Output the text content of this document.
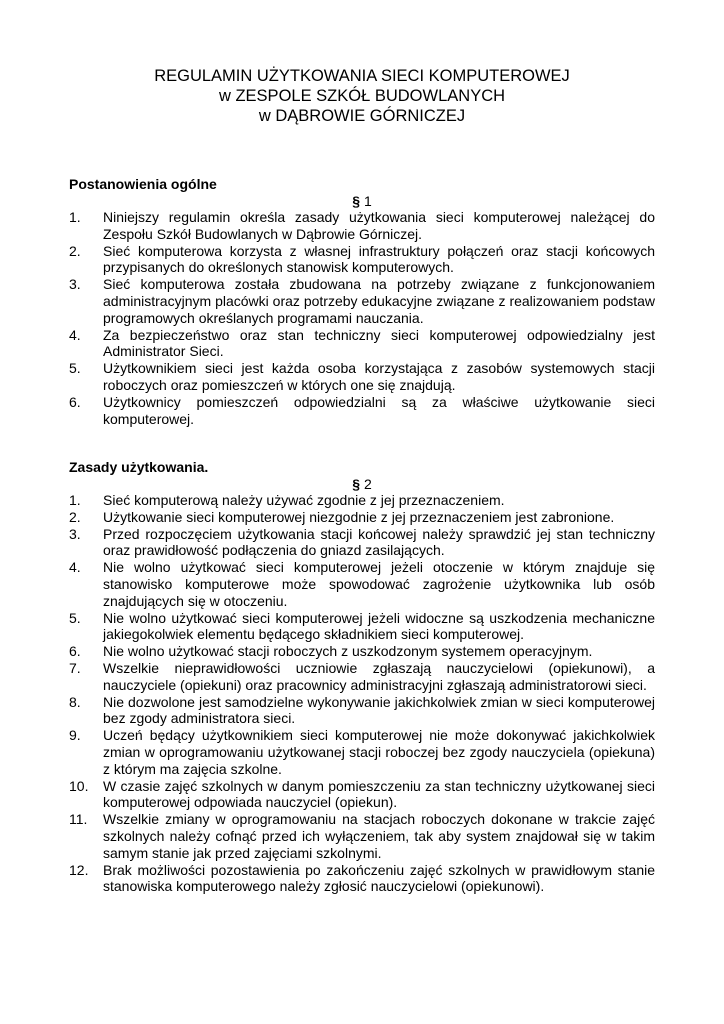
REGULAMIN UŻYTKOWANIA SIECI KOMPUTEROWEJ
w ZESPOLE SZKÓŁ BUDOWLANYCH
w DĄBROWIE GÓRNICZEJ
Postanowienia ogólne
§ 1
1.	Niniejszy regulamin określa zasady użytkowania sieci komputerowej należącej do Zespołu Szkół Budowlanych w Dąbrowie Górniczej.
2.	Sieć komputerowa korzysta z własnej infrastruktury połączeń oraz stacji końcowych przypisanych do określonych stanowisk komputerowych.
3.	Sieć komputerowa została zbudowana na potrzeby związane z funkcjonowaniem administracyjnym placówki oraz potrzeby edukacyjne związane z realizowaniem podstaw programowych określanych programami nauczania.
4.	Za bezpieczeństwo oraz stan techniczny sieci komputerowej odpowiedzialny jest Administrator Sieci.
5.	Użytkownikiem sieci jest każda osoba korzystająca z zasobów systemowych stacji roboczych oraz pomieszczeń w których one się znajdują.
6.	Użytkownicy pomieszczeń odpowiedzialni są za właściwe użytkowanie sieci komputerowej.
Zasady użytkowania.
§ 2
1.	Sieć komputerową należy używać zgodnie z jej przeznaczeniem.
2.	Użytkowanie sieci komputerowej niezgodnie z jej przeznaczeniem jest zabronione.
3.	Przed rozpoczęciem użytkowania stacji końcowej należy sprawdzić jej stan techniczny oraz prawidłowość podłączenia do gniazd zasilających.
4.	Nie wolno użytkować sieci komputerowej jeżeli otoczenie w którym znajduje się stanowisko komputerowe może spowodować zagrożenie użytkownika lub osób znajdujących się w otoczeniu.
5.	Nie wolno użytkować sieci komputerowej jeżeli widoczne są uszkodzenia mechaniczne jakiegokolwiek elementu będącego składnikiem sieci komputerowej.
6.	Nie wolno użytkować stacji roboczych z uszkodzonym systemem operacyjnym.
7.	Wszelkie nieprawidłowości uczniowie zgłaszają nauczycielowi (opiekunowi), a nauczyciele (opiekuni) oraz pracownicy administracyjni zgłaszają administratorowi sieci.
8.	Nie dozwolone jest samodzielne wykonywanie jakichkolwiek zmian w sieci komputerowej bez zgody administratora sieci.
9.	Uczeń będący użytkownikiem sieci komputerowej nie może dokonywać jakichkolwiek zmian w oprogramowaniu użytkowanej stacji roboczej bez zgody nauczyciela (opiekuna) z którym ma zajęcia szkolne.
10.	W czasie zajęć szkolnych w danym pomieszczeniu za stan techniczny użytkowanej sieci komputerowej odpowiada nauczyciel (opiekun).
11.	Wszelkie zmiany w oprogramowaniu na stacjach roboczych dokonane w trakcie zajęć szkolnych należy cofnąć przed ich wyłączeniem, tak aby system znajdował się w takim samym stanie jak przed zajęciami szkolnymi.
12.	Brak możliwości pozostawienia po zakończeniu zajęć szkolnych w prawidłowym stanie stanowiska komputerowego należy zgłosić nauczycielowi (opiekunowi).
